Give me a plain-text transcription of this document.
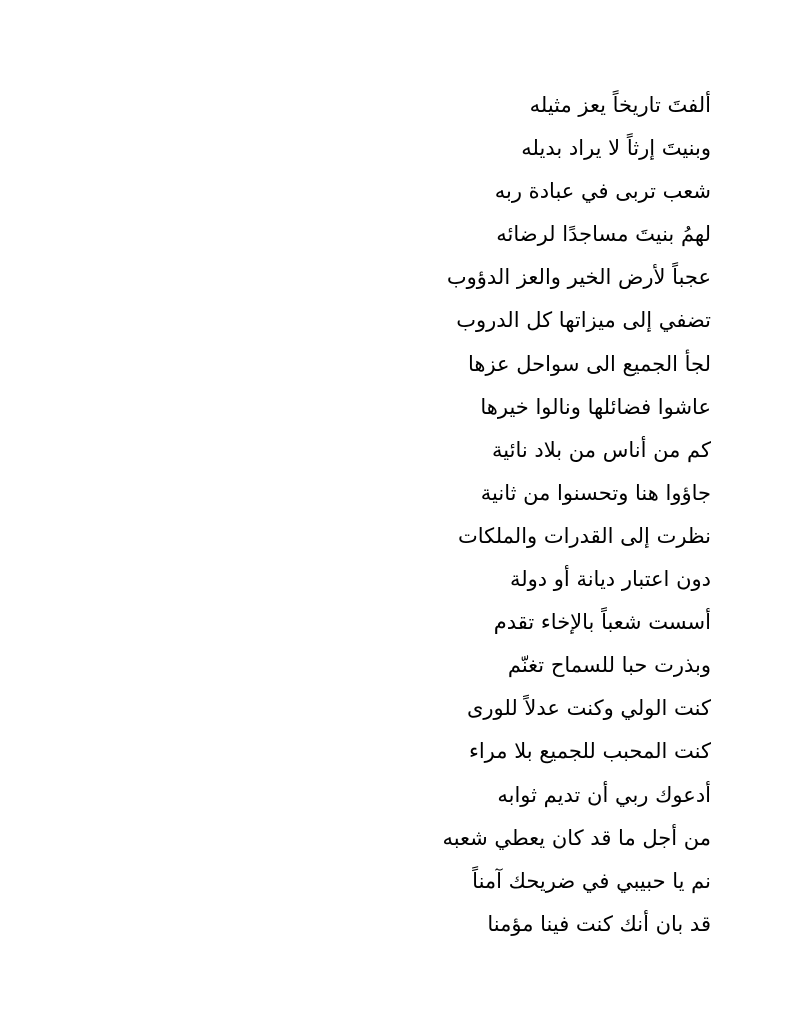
ألفتَ تاريخاً يعز مثيله
وبنيتَ إرثاً لا يراد بديله
شعب تربى في عبادة ربه
لهمُ بنيتَ مساجدًا لرضائه
عجباً لأرض الخير والعز الدؤوب
تضفي إلى ميزاتها كل الدروب
لجأ الجميع الى سواحل عزها
عاشوا فضائلها ونالوا خيرها
كم من أناس من بلاد نائية
جاؤوا هنا وتحسنوا من ثانية
نظرت إلى القدرات والملكات
دون اعتبار ديانة أو دولة
أسست شعباً بالإخاء تقدم
وبذرت حبا للسماح تغنّم
كنت الولي وكنت عدلاً للورى
كنت المحبب للجميع بلا مراء
أدعوك ربي أن تديم ثوابه
من أجل ما قد كان يعطي شعبه
نم يا حبيبي في ضريحك آمناً
قد بان أنك كنت فينا مؤمنا
